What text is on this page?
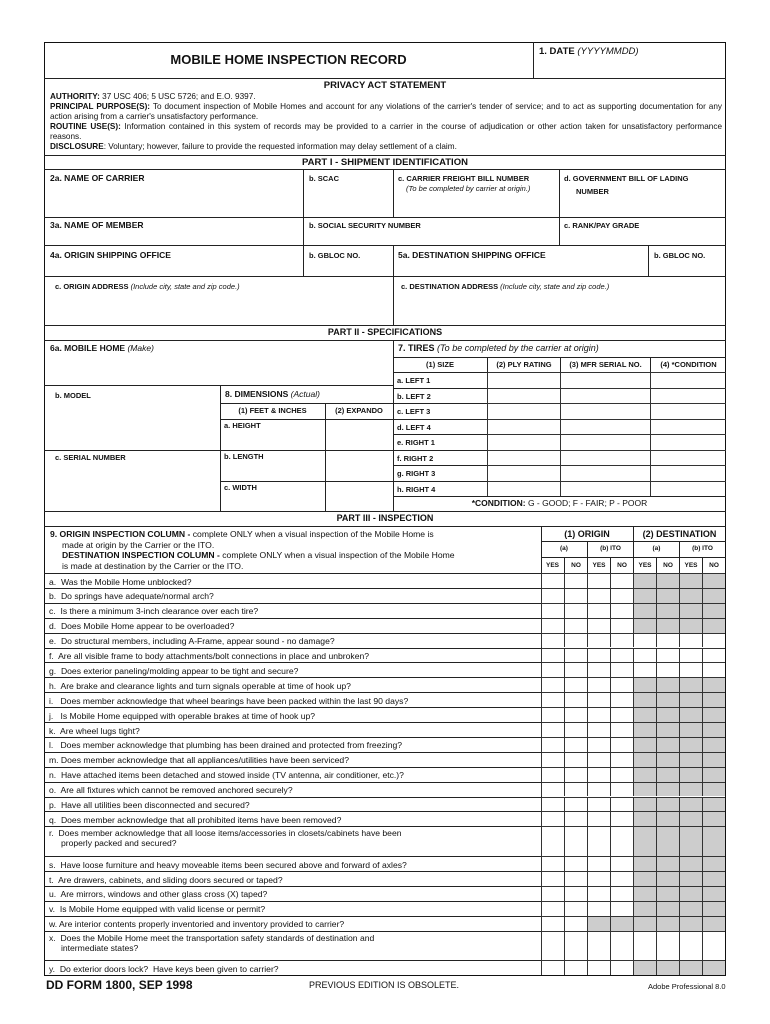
MOBILE HOME INSPECTION RECORD
1. DATE (YYYYMMDD)
PRIVACY ACT STATEMENT
AUTHORITY: 37 USC 406; 5 USC 5726; and E.O. 9397.
PRINCIPAL PURPOSE(S): To document inspection of Mobile Homes and account for any violations of the carrier's tender of service; and to act as supporting documentation for any action arising from a carrier's unsatisfactory performance.
ROUTINE USE(S): Information contained in this system of records may be provided to a carrier in the course of adjudication or other action taken for unsatisfactory performance reasons.
DISCLOSURE: Voluntary; however, failure to provide the requested information may delay settlement of a claim.
PART I - SHIPMENT IDENTIFICATION
2a. NAME OF CARRIER	b. SCAC	c. CARRIER FREIGHT BILL NUMBER
(To be completed by carrier at origin.)
d. GOVERNMENT BILL OF LADING
NUMBER
3a. NAME OF MEMBER	b. SOCIAL SECURITY NUMBER	c. RANK/PAY GRADE
4a. ORIGIN SHIPPING OFFICE	b. GBLOC NO.	5a. DESTINATION SHIPPING OFFICE	b. GBLOC NO.
c. ORIGIN ADDRESS (Include city, state and zip code.)	c. DESTINATION ADDRESS (Include city, state and zip code.)
PART II - SPECIFICATIONS
6a. MOBILE HOME (Make)	7. TIRES (To be completed by the carrier at origin)
b. MODEL	8. DIMENSIONS (Actual)
(1) FEET & INCHES	(2) EXPANDO
a. HEIGHT
c. SERIAL NUMBER	b. LENGTH
c. WIDTH
(1) SIZE	(2) PLY RATING	(3) MFR SERIAL NO.	(4) *CONDITION
a. LEFT 1
b. LEFT 2
c. LEFT 3
d. LEFT 4
e. RIGHT 1
f. RIGHT 2
g. RIGHT 3
h. RIGHT 4
*CONDITION: G - GOOD; F - FAIR; P - POOR
PART III - INSPECTION
9. ORIGIN INSPECTION COLUMN - complete ONLY when a visual inspection of the Mobile Home is
made at origin by the Carrier or the ITO.
DESTINATION INSPECTION COLUMN - complete ONLY when a visual inspection of the Mobile Home
is made at destination by the Carrier or the ITO.
(1) ORIGIN	(2) DESTINATION
(a)	(b) ITO	(a)	(b) ITO
YES	NO	YES	NO	YES	NO	YES	NO
a.  Was the Mobile Home unblocked?
b.  Do springs have adequate/normal arch?
c.  Is there a minimum 3-inch clearance over each tire?
d.  Does Mobile Home appear to be overloaded?
e.  Do structural members, including A-Frame, appear sound - no damage?
f.  Are all visible frame to body attachments/bolt connections in place and unbroken?
g.  Does exterior paneling/molding appear to be tight and secure?
h.  Are brake and clearance lights and turn signals operable at time of hook up?
i.   Does member acknowledge that wheel bearings have been packed within the last 90 days?
j.   Is Mobile Home equipped with operable brakes at time of hook up?
k.  Are wheel lugs tight?
l.   Does member acknowledge that plumbing has been drained and protected from freezing?
m. Does member acknowledge that all appliances/utilities have been serviced?
n.  Have attached items been detached and stowed inside (TV antenna, air conditioner, etc.)?
o.  Are all fixtures which cannot be removed anchored securely?
p.  Have all utilities been disconnected and secured?
q.  Does member acknowledge that all prohibited items have been removed?
r.  Does member acknowledge that all loose items/accessories in closets/cabinets have been
properly packed and secured?
s.  Have loose furniture and heavy moveable items been secured above and forward of axles?
t.  Are drawers, cabinets, and sliding doors secured or taped?
u.  Are mirrors, windows and other glass cross (X) taped?
v.  Is Mobile Home equipped with valid license or permit?
w. Are interior contents properly inventoried and inventory provided to carrier?
x.  Does the Mobile Home meet the transportation safety standards of destination and
intermediate states?
y.  Do exterior doors lock?  Have keys been given to carrier?
DD FORM 1800, SEP 1998	PREVIOUS EDITION IS OBSOLETE.	Adobe Professional 8.0
